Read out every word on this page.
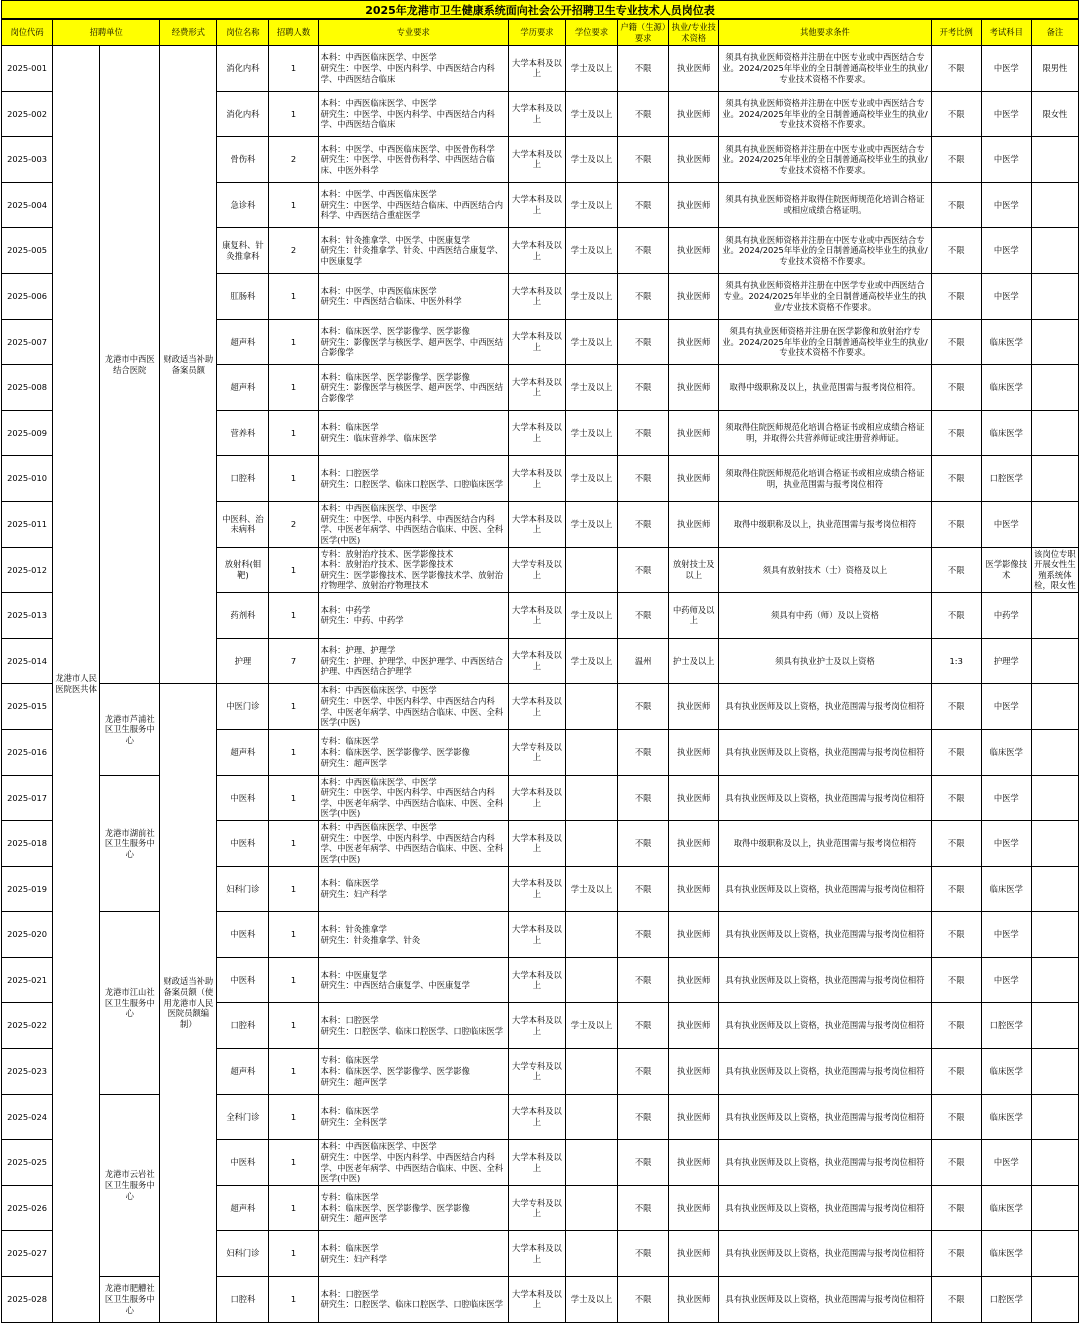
2025年龙港市卫生健康系统面向社会公开招聘卫生专业技术人员岗位表
岗位代码	招聘单位		经费形式	岗位名称	招聘人数	专业要求	学历要求	学位要求	户籍（生源）要求	执业/专业技术资格	其他要求条件	开考比例	考试科目	备注
2025-001	龙港市人民医院医共体	龙港市中西医结合医院	财政适当补助备案员额	消化内科	1	本科：中西医临床医学、中医学
研究生：中医学、中医内科学、中西医结合内科学、中西医结合临床	大学本科及以上	学士及以上	不限	执业医师	须具有执业医师资格并注册在中医专业或中西医结合专业。2024/2025年毕业的全日制普通高校毕业生的执业/专业技术资格不作要求。	不限	中医学	限男性
2025-002				消化内科	1	本科：中西医临床医学、中医学
研究生：中医学、中医内科学、中西医结合内科学、中西医结合临床	大学本科及以上	学士及以上	不限	执业医师	须具有执业医师资格并注册在中医专业或中西医结合专业。2024/2025年毕业的全日制普通高校毕业生的执业/专业技术资格不作要求。	不限	中医学	限女性
2025-003				骨伤科	2	本科：中医学、中西医临床医学、中医骨伤科学
研究生：中医学、中医骨伤科学、中西医结合临床、中医外科学	大学本科及以上	学士及以上	不限	执业医师	须具有执业医师资格并注册在中医专业或中西医结合专业。2024/2025年毕业的全日制普通高校毕业生的执业/专业技术资格不作要求。	不限	中医学	
2025-004				急诊科	1	本科：中医学、中西医临床医学
研究生：中医学、中西医结合临床、中西医结合内科学、中西医结合重症医学	大学本科及以上	学士及以上	不限	执业医师	须具有执业医师资格并取得住院医师规范化培训合格证或相应成绩合格证明。	不限	中医学	
2025-005				康复科、针灸推拿科	2	本科：针灸推拿学、中医学、中医康复学
研究生：针灸推拿学、针灸、中西医结合康复学、中医康复学	大学本科及以上	学士及以上	不限	执业医师	须具有执业医师资格并注册在中医专业或中西医结合专业。2024/2025年毕业的全日制普通高校毕业生的执业/专业技术资格不作要求。	不限	中医学	
2025-006				肛肠科	1	本科：中医学、中西医临床医学
研究生：中西医结合临床、中医外科学	大学本科及以上	学士及以上	不限	执业医师	须具有执业医师资格并注册在中医学专业或中西医结合专业。2024/2025年毕业的全日制普通高校毕业生的执业/专业技术资格不作要求。	不限	中医学	
2025-007				超声科	1	本科：临床医学、医学影像学、医学影像
研究生：影像医学与核医学、超声医学、中西医结合影像学	大学本科及以上	学士及以上	不限	执业医师	须具有执业医师资格并注册在医学影像和放射治疗专业。2024/2025年毕业的全日制普通高校毕业生的执业/专业技术资格不作要求。	不限	临床医学	
2025-008				超声科	1	本科：临床医学、医学影像学、医学影像
研究生：影像医学与核医学、超声医学、中西医结合影像学	大学本科及以上	学士及以上	不限	执业医师	取得中级职称及以上，执业范围需与报考岗位相符。	不限	临床医学	
2025-009				营养科	1	本科：临床医学
研究生：临床营养学、临床医学	大学本科及以上	学士及以上	不限	执业医师	须取得住院医师规范化培训合格证书或相应成绩合格证明，并取得公共营养师证或注册营养师证。	不限	临床医学	
2025-010				口腔科	1	本科：口腔医学
研究生：口腔医学、临床口腔医学、口腔临床医学	大学本科及以上	学士及以上	不限	执业医师	须取得住院医师规范化培训合格证书或相应成绩合格证明，执业范围需与报考岗位相符	不限	口腔医学	
2025-011				中医科、治未病科	2	本科：中西医临床医学、中医学
研究生：中医学、中医内科学、中西医结合内科学、中医老年病学、中西医结合临床、中医、全科医学(中医)	大学本科及以上	学士及以上	不限	执业医师	取得中级职称及以上，执业范围需与报考岗位相符	不限	中医学	
2025-012				放射科(钼靶)	1	专科：放射治疗技术、医学影像技术
本科：放射治疗技术、医学影像技术
研究生：医学影像技术、医学影像技术学、放射治疗物理学、放射治疗物理技术	大学专科及以上		不限	放射技士及以上	须具有放射技术（士）资格及以上	不限	医学影像技术	该岗位专职开展女性生殖系统体检，限女性
2025-013				药剂科	1	本科：中药学
研究生：中药、中药学	大学本科及以上	学士及以上	不限	中药师及以上	须具有中药（师）及以上资格	不限	中药学	
2025-014				护理	7	本科：护理、护理学
研究生：护理、护理学、中医护理学、中西医结合护理、中西医结合护理学	大学本科及以上	学士及以上	温州	护士及以上	须具有执业护士及以上资格	1:3	护理学	
2025-015		龙港市芦浦社区卫生服务中心	财政适当补助备案员额（使用龙港市人民医院员额编制）	中医门诊	1	本科：中西医临床医学、中医学
研究生：中医学、中医内科学、中西医结合内科学、中医老年病学、中西医结合临床、中医、全科医学(中医)	大学本科及以上		不限	执业医师	具有执业医师及以上资格，执业范围需与报考岗位相符	不限	中医学	
2025-016				超声科	1	专科：临床医学
本科：临床医学、医学影像学、医学影像
研究生：超声医学	大学专科及以上		不限	执业医师	具有执业医师及以上资格，执业范围需与报考岗位相符	不限	临床医学	
2025-017		龙港市湖前社区卫生服务中心		中医科	1	本科：中西医临床医学、中医学
研究生：中医学、中医内科学、中西医结合内科学、中医老年病学、中西医结合临床、中医、全科医学(中医)	大学本科及以上		不限	执业医师	具有执业医师及以上资格，执业范围需与报考岗位相符	不限	中医学	
2025-018				中医科	1	本科：中西医临床医学、中医学
研究生：中医学、中医内科学、中西医结合内科学、中医老年病学、中西医结合临床、中医、全科医学(中医)	大学本科及以上		不限	执业医师	取得中级职称及以上，执业范围需与报考岗位相符	不限	中医学	
2025-019				妇科门诊	1	本科：临床医学
研究生：妇产科学	大学本科及以上	学士及以上	不限	执业医师	具有执业医师及以上资格，执业范围需与报考岗位相符	不限	临床医学	
2025-020		龙港市江山社区卫生服务中心		中医科	1	本科：针灸推拿学
研究生：针灸推拿学、针灸	大学本科及以上		不限	执业医师	具有执业医师及以上资格，执业范围需与报考岗位相符	不限	中医学	
2025-021				中医科	1	本科：中医康复学
研究生：中西医结合康复学、中医康复学	大学本科及以上		不限	执业医师	具有执业医师及以上资格，执业范围需与报考岗位相符	不限	中医学	
2025-022				口腔科	1	本科：口腔医学
研究生：口腔医学、临床口腔医学、口腔临床医学	大学本科及以上	学士及以上	不限	执业医师	具有执业医师及以上资格，执业范围需与报考岗位相符	不限	口腔医学	
2025-023				超声科	1	专科：临床医学
本科：临床医学、医学影像学、医学影像
研究生：超声医学	大学专科及以上		不限	执业医师	具有执业医师及以上资格，执业范围需与报考岗位相符	不限	临床医学	
2025-024		龙港市云岩社区卫生服务中心		全科门诊	1	本科：临床医学
研究生：全科医学	大学本科及以上		不限	执业医师	具有执业医师及以上资格，执业范围需与报考岗位相符	不限	临床医学	
2025-025				中医科	1	本科：中西医临床医学、中医学
研究生：中医学、中医内科学、中西医结合内科学、中医老年病学、中西医结合临床、中医、全科医学(中医)	大学本科及以上		不限	执业医师	具有执业医师及以上资格，执业范围需与报考岗位相符	不限	中医学	
2025-026				超声科	1	专科：临床医学
本科：临床医学、医学影像学、医学影像
研究生：超声医学	大学专科及以上		不限	执业医师	具有执业医师及以上资格，执业范围需与报考岗位相符	不限	临床医学	
2025-027				妇科门诊	1	本科：临床医学
研究生：妇产科学	大学本科及以上		不限	执业医师	具有执业医师及以上资格，执业范围需与报考岗位相符	不限	临床医学	
2025-028		龙港市肥艚社区卫生服务中心		口腔科	1	本科：口腔医学
研究生：口腔医学、临床口腔医学、口腔临床医学	大学本科及以上	学士及以上	不限	执业医师	具有执业医师及以上资格，执业范围需与报考岗位相符	不限	口腔医学	
